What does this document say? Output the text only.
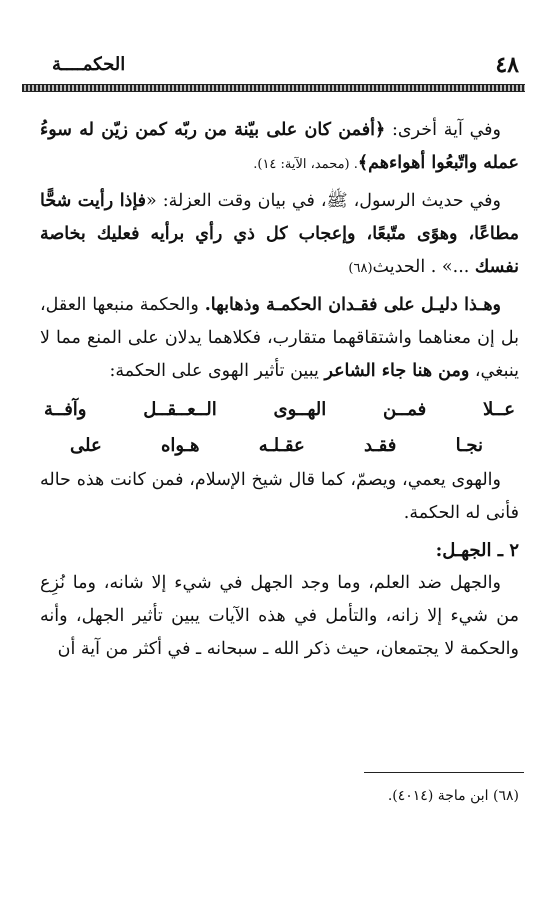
٤٨
الحكمــــة

وفي آية أخرى: ﴿أفمن كان على بيّنة من ربّه كمن زيّن له سوءُ عمله واتّبعُوا أهواءهم﴾. (محمد، الآية: ١٤).

وفي حديث الرسول، ﷺ، في بيان وقت العزلة: «فإذا رأيت شحًّا مطاعًا، وهوًى متّبعًا، وإعجاب كل ذي رأي برأيه فعليك بخاصة نفسك ...» . الحديث(٦٨)

وهـذا دليـل على فقـدان الحكمـة وذهابها. والحكمة منبعها العقل، بل إن معناهما واشتقاقهما متقارب، فكلاهما يدلان على المنع مما لا ينبغي، ومن هنا جاء الشاعر يبين تأثير الهوى على الحكمة:

وآفــة	الــعــقــل	الهــوى	فمــن	عــلا
على	هـواه	عقـلـه	فقـد	نجـا

والهوى يعمي، ويصمّ، كما قال شيخ الإسلام، فمن كانت هذه حاله فأنى له الحكمة.

٢ ـ الجهـل:

والجهل ضد العلم، وما وجد الجهل في شيء إلا شانه، وما نُزِع من شيء إلا زانه، والتأمل في هذه الآيات يبين تأثير الجهل، وأنه والحكمة لا يجتمعان، حيث ذكر الله ـ سبحانه ـ في أكثر من آية أن

(٦٨) ابن ماجة (٤٠١٤).
